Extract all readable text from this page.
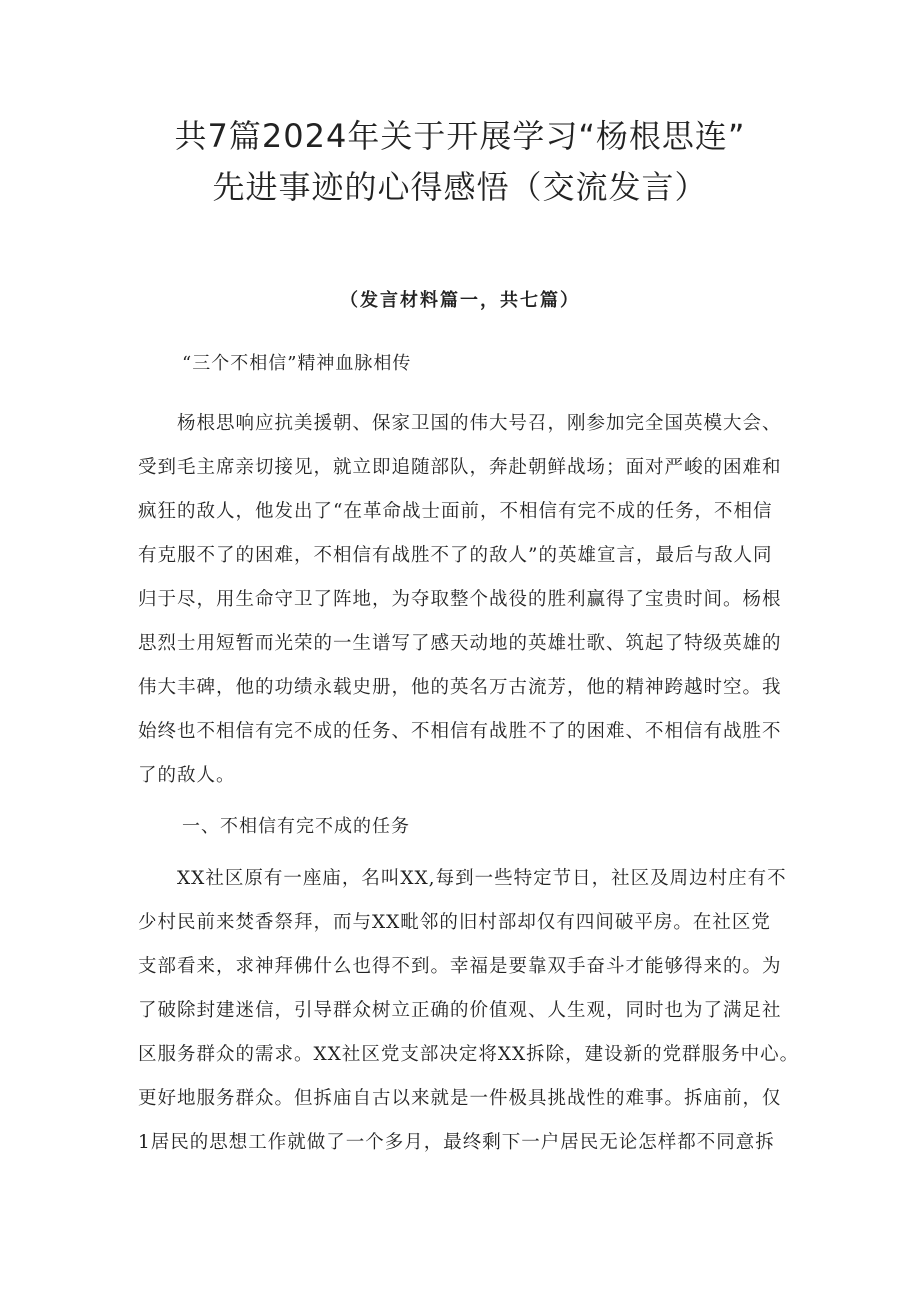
共7篇2024年关于开展学习“杨根思连”
先进事迹的心得感悟（交流发言）
（发言材料篇一，共七篇）
“三个不相信”精神血脉相传
　　杨根思响应抗美援朝、保家卫国的伟大号召，刚参加完全国英模大会、
受到毛主席亲切接见，就立即追随部队，奔赴朝鲜战场；面对严峻的困难和
疯狂的敌人，他发出了“在革命战士面前，不相信有完不成的任务，不相信
有克服不了的困难，不相信有战胜不了的敌人”的英雄宣言，最后与敌人同
归于尽，用生命守卫了阵地，为夺取整个战役的胜利赢得了宝贵时间。杨根
思烈士用短暂而光荣的一生谱写了感天动地的英雄壮歌、筑起了特级英雄的
伟大丰碑，他的功绩永载史册，他的英名万古流芳，他的精神跨越时空。我
始终也不相信有完不成的任务、不相信有战胜不了的困难、不相信有战胜不
了的敌人。
一、不相信有完不成的任务
　　XX社区原有一座庙，名叫XX,每到一些特定节日，社区及周边村庄有不
少村民前来焚香祭拜，而与XX毗邻的旧村部却仅有四间破平房。在社区党
支部看来，求神拜佛什么也得不到。幸福是要靠双手奋斗才能够得来的。为
了破除封建迷信，引导群众树立正确的价值观、人生观，同时也为了满足社
区服务群众的需求。XX社区党支部决定将XX拆除，建设新的党群服务中心。
更好地服务群众。但拆庙自古以来就是一件极具挑战性的难事。拆庙前，仅
1居民的思想工作就做了一个多月，最终剩下一户居民无论怎样都不同意拆
